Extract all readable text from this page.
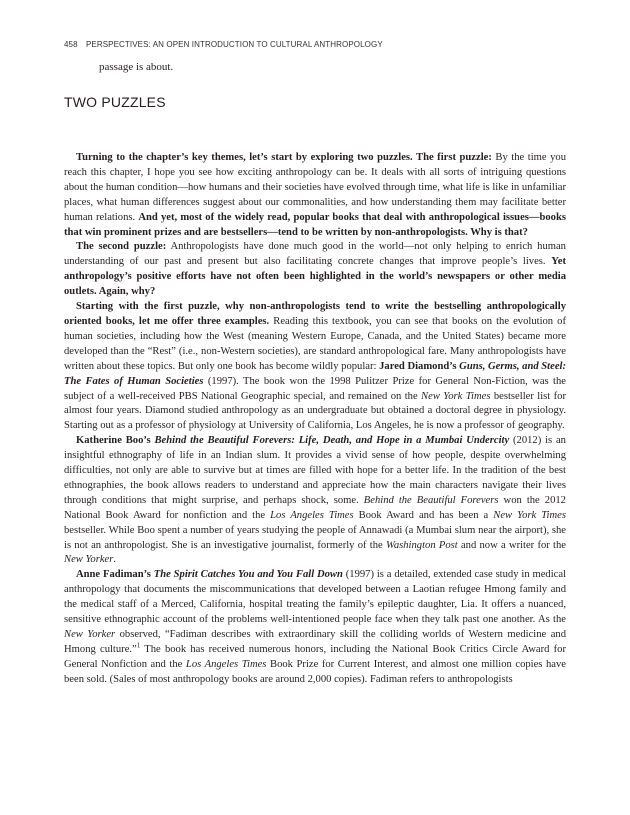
458 PERSPECTIVES: AN OPEN INTRODUCTION TO CULTURAL ANTHROPOLOGY
passage is about.
TWO PUZZLES

Turning to the chapter’s key themes, let’s start by exploring two puzzles. The first puzzle: By the time you reach this chapter, I hope you see how exciting anthropology can be. It deals with all sorts of intriguing questions about the human condition—how humans and their societies have evolved through time, what life is like in unfamiliar places, what human differences suggest about our commonalities, and how understanding them may facilitate better human relations. And yet, most of the widely read, popular books that deal with anthropological issues—books that win prominent prizes and are bestsellers—tend to be written by non-anthropologists. Why is that?

The second puzzle: Anthropologists have done much good in the world—not only helping to enrich human understanding of our past and present but also facilitating concrete changes that improve people’s lives. Yet anthropology’s positive efforts have not often been highlighted in the world’s newspapers or other media outlets. Again, why?

Starting with the first puzzle, why non-anthropologists tend to write the bestselling anthropologically oriented books, let me offer three examples. Reading this textbook, you can see that books on the evolution of human societies, including how the West (meaning Western Europe, Canada, and the United States) became more developed than the “Rest” (i.e., non-Western societies), are standard anthropological fare. Many anthropologists have written about these topics. But only one book has become wildly popular: Jared Diamond’s Guns, Germs, and Steel: The Fates of Human Societies (1997). The book won the 1998 Pulitzer Prize for General Non-Fiction, was the subject of a well-received PBS National Geographic special, and remained on the New York Times bestseller list for almost four years. Diamond studied anthropology as an undergraduate but obtained a doctoral degree in physiology. Starting out as a professor of physiology at University of California, Los Angeles, he is now a professor of geography.

Katherine Boo’s Behind the Beautiful Forevers: Life, Death, and Hope in a Mumbai Undercity (2012) is an insightful ethnography of life in an Indian slum. It provides a vivid sense of how people, despite overwhelming difficulties, not only are able to survive but at times are filled with hope for a better life. In the tradition of the best ethnographies, the book allows readers to understand and appreciate how the main characters navigate their lives through conditions that might surprise, and perhaps shock, some. Behind the Beautiful Forevers won the 2012 National Book Award for nonfiction and the Los Angeles Times Book Award and has been a New York Times bestseller. While Boo spent a number of years studying the people of Annawadi (a Mumbai slum near the airport), she is not an anthropologist. She is an investigative journalist, formerly of the Washington Post and now a writer for the New Yorker.

Anne Fadiman’s The Spirit Catches You and You Fall Down (1997) is a detailed, extended case study in medical anthropology that documents the miscommunications that developed between a Laotian refugee Hmong family and the medical staff of a Merced, California, hospital treating the family’s epileptic daughter, Lia. It offers a nuanced, sensitive ethnographic account of the problems well-intentioned people face when they talk past one another. As the New Yorker observed, “Fadiman describes with extraordinary skill the colliding worlds of Western medicine and Hmong culture.”$^1$ The book has received numerous honors, including the National Book Critics Circle Award for General Nonfiction and the Los Angeles Times Book Prize for Current Interest, and almost one million copies have been sold. (Sales of most anthropology books are around 2,000 copies). Fadiman refers to anthropologists
